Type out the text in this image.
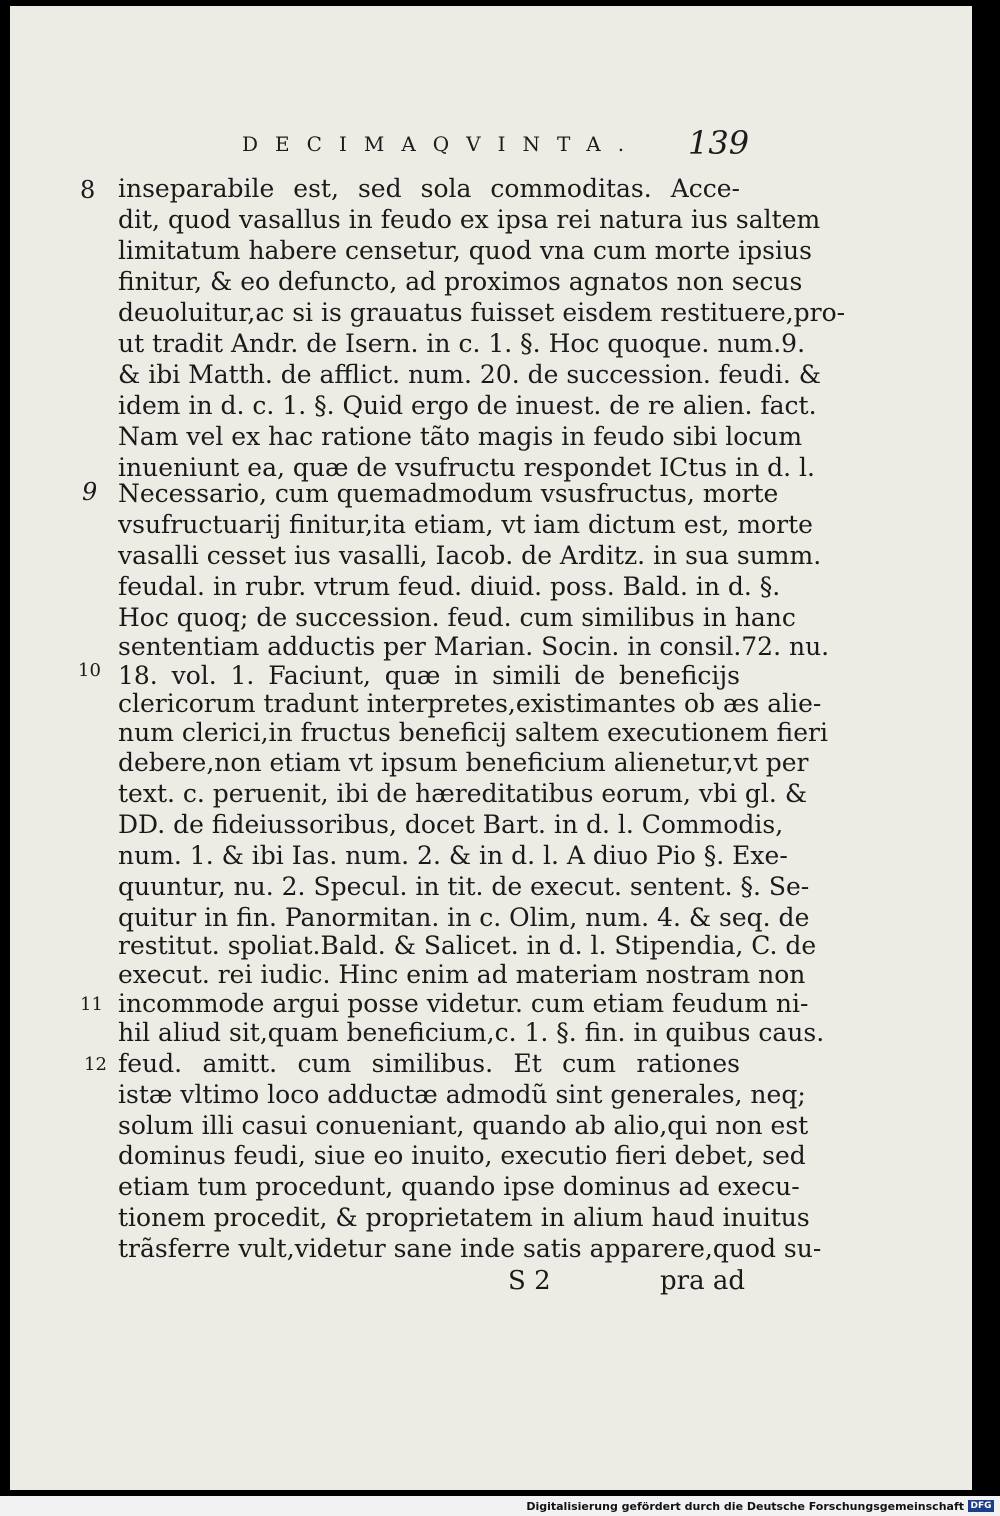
DECIMAQVINTA. 139
8
9
10
11
12
inseparabile est, sed sola commoditas. Acce-
dit, quod vasallus in feudo ex ipsa rei natura ius saltem
limitatum habere censetur, quod vna cum morte ipsius
finitur, & eo defuncto, ad proximos agnatos non secus
deuoluitur,ac si is grauatus fuisset eisdem restituere,pro-
ut tradit Andr. de Isern. in c. 1. §. Hoc quoque. num.9.
& ibi Matth. de afflict. num. 20. de succession. feudi. &
idem in d. c. 1. §. Quid ergo de inuest. de re alien. fact.
Nam vel ex hac ratione tãto magis in feudo sibi locum
inueniunt ea, quæ de vsufructu respondet ICtus in d. l.
Necessario, cum quemadmodum vsusfructus, morte
vsufructuarij finitur,ita etiam, vt iam dictum est, morte
vasalli cesset ius vasalli, Iacob. de Arditz. in sua summ.
feudal. in rubr. vtrum feud. diuid. poss. Bald. in d. §.
Hoc quoq; de succession. feud. cum similibus in hanc
sententiam adductis per Marian. Socin. in consil.72. nu.
18. vol. 1. Faciunt, quæ in simili de beneficijs
clericorum tradunt interpretes,existimantes ob æs alie-
num clerici,in fructus beneficij saltem executionem fieri
debere,non etiam vt ipsum beneficium alienetur,vt per
text. c. peruenit, ibi de hæreditatibus eorum, vbi gl. &
DD. de fideiussoribus, docet Bart. in d. l. Commodis,
num. 1. & ibi Ias. num. 2. & in d. l. A diuo Pio §. Exe-
quuntur, nu. 2. Specul. in tit. de execut. sentent. §. Se-
quitur in fin. Panormitan. in c. Olim, num. 4. & seq. de
restitut. spoliat.Bald. & Salicet. in d. l. Stipendia, C. de
execut. rei iudic. Hinc enim ad materiam nostram non
incommode argui posse videtur. cum etiam feudum ni-
hil aliud sit,quam beneficium,c. 1. §. fin. in quibus caus.
feud. amitt. cum similibus. Et cum rationes
istæ vltimo loco adductæ admodũ sint generales, neq;
solum illi casui conueniant, quando ab alio,qui non est
dominus feudi, siue eo inuito, executio fieri debet, sed
etiam tum procedunt, quando ipse dominus ad execu-
tionem procedit, & proprietatem in alium haud inuitus
trãsferre vult,videtur sane inde satis apparere,quod su-
S 2	pra ad
Digitalisierung gefördert durch die Deutsche Forschungsgemeinschaft DFG
